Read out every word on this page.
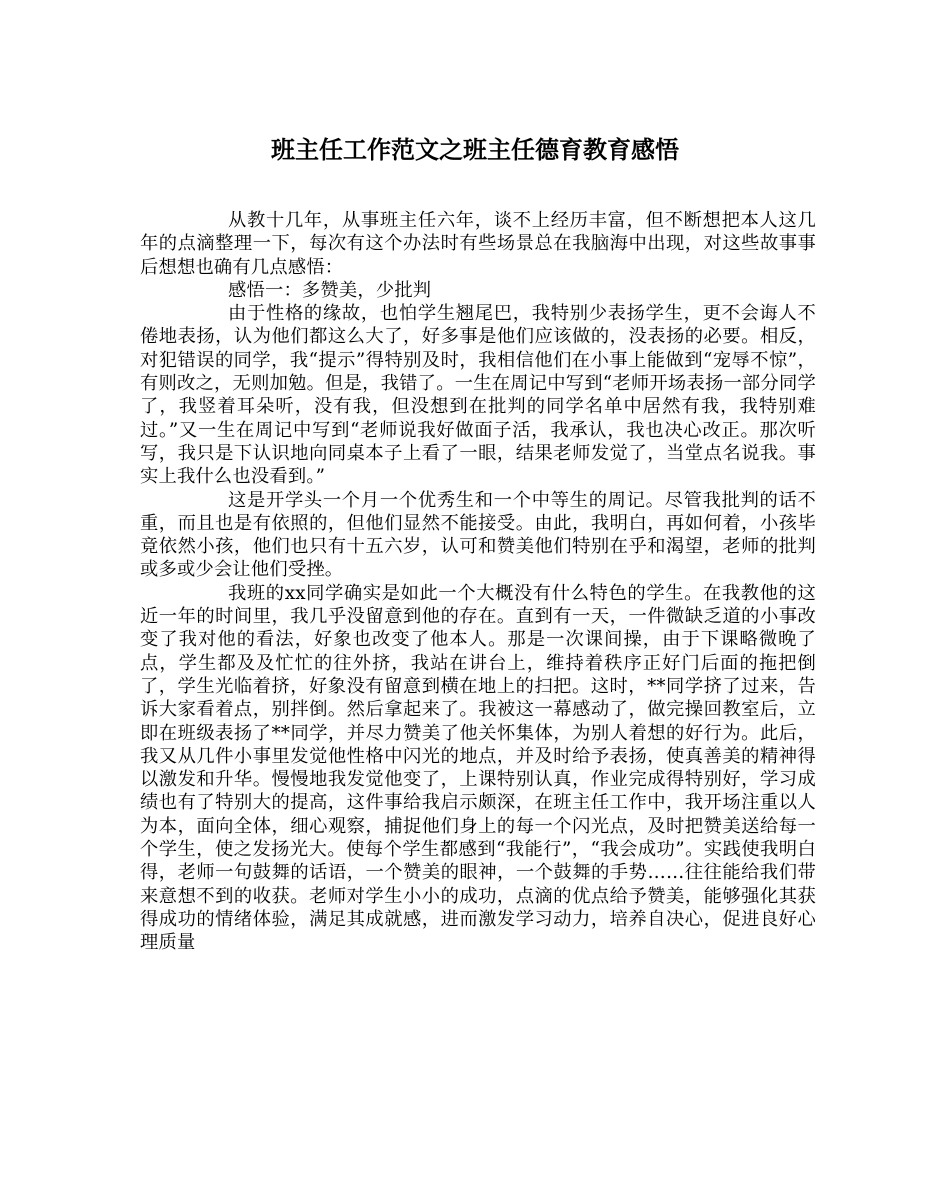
班主任工作范文之班主任德育教育感悟

从教十几年，从事班主任六年，谈不上经历丰富，但不断想把本人这几年的点滴整理一下，每次有这个办法时有些场景总在我脑海中出现，对这些故事事后想想也确有几点感悟：

感悟一：多赞美，少批判

由于性格的缘故，也怕学生翘尾巴，我特别少表扬学生，更不会诲人不倦地表扬，认为他们都这么大了，好多事是他们应该做的，没表扬的必要。相反，对犯错误的同学，我“提示”得特别及时，我相信他们在小事上能做到“宠辱不惊”，有则改之，无则加勉。但是，我错了。一生在周记中写到“老师开场表扬一部分同学了，我竖着耳朵听，没有我，但没想到在批判的同学名单中居然有我，我特别难过。”又一生在周记中写到“老师说我好做面子活，我承认，我也决心改正。那次听写，我只是下认识地向同桌本子上看了一眼，结果老师发觉了，当堂点名说我。事实上我什么也没看到。”

这是开学头一个月一个优秀生和一个中等生的周记。尽管我批判的话不重，而且也是有依照的，但他们显然不能接受。由此，我明白，再如何着，小孩毕竟依然小孩，他们也只有十五六岁，认可和赞美他们特别在乎和渴望，老师的批判或多或少会让他们受挫。

我班的xx同学确实是如此一个大概没有什么特色的学生。在我教他的这近一年的时间里，我几乎没留意到他的存在。直到有一天，一件微缺乏道的小事改变了我对他的看法，好象也改变了他本人。那是一次课间操，由于下课略微晚了点，学生都及及忙忙的往外挤，我站在讲台上，维持着秩序正好门后面的拖把倒了，学生光临着挤，好象没有留意到横在地上的扫把。这时，**同学挤了过来，告诉大家看着点，别拌倒。然后拿起来了。我被这一幕感动了，做完操回教室后，立即在班级表扬了**同学，并尽力赞美了他关怀集体，为别人着想的好行为。此后，我又从几件小事里发觉他性格中闪光的地点，并及时给予表扬，使真善美的精神得以激发和升华。慢慢地我发觉他变了，上课特别认真，作业完成得特别好，学习成绩也有了特别大的提高，这件事给我启示颇深，在班主任工作中，我开场注重以人为本，面向全体，细心观察，捕捉他们身上的每一个闪光点，及时把赞美送给每一个学生，使之发扬光大。使每个学生都感到“我能行”，“我会成功”。实践使我明白得，老师一句鼓舞的话语，一个赞美的眼神，一个鼓舞的手势……往往能给我们带来意想不到的收获。老师对学生小小的成功，点滴的优点给予赞美，能够强化其获得成功的情绪体验，满足其成就感，进而激发学习动力，培养自决心，促进良好心理质量
